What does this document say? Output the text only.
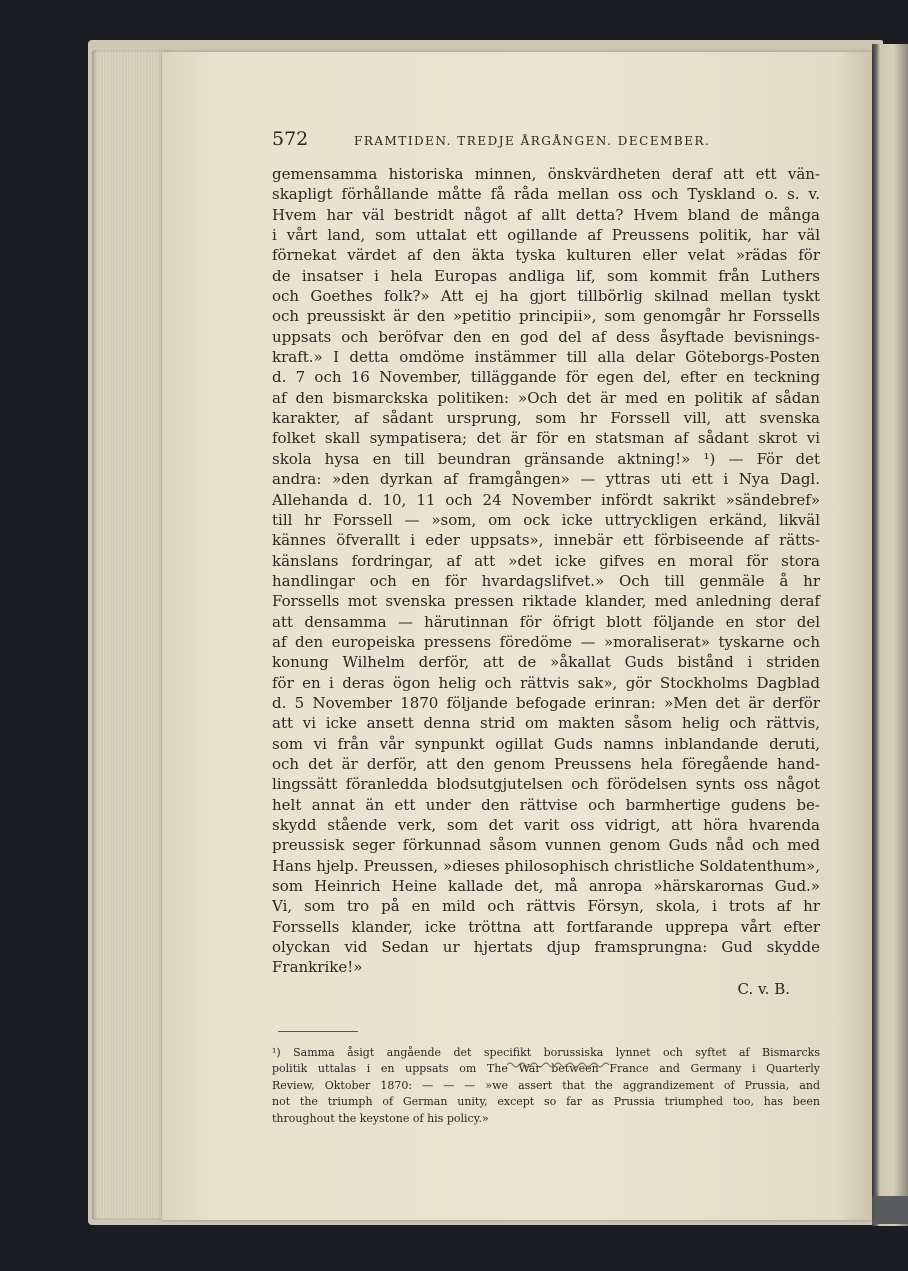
572	FRAMTIDEN. TREDJE ÅRGÅNGEN. DECEMBER.
gemensamma historiska minnen, önskvärdheten deraf att ett vän-
skapligt förhållande måtte få råda mellan oss och Tyskland o. s. v.
Hvem har väl bestridt något af allt detta? Hvem bland de många
i vårt land, som uttalat ett ogillande af Preussens politik, har väl
förnekat värdet af den äkta tyska kulturen eller velat »rädas för
de insatser i hela Europas andliga lif, som kommit från Luthers
och Goethes folk?» Att ej ha gjort tillbörlig skilnad mellan tyskt
och preussiskt är den »petitio principii», som genomgår hr Forssells
uppsats och beröfvar den en god del af dess åsyftade bevisnings-
kraft.» I detta omdöme instämmer till alla delar Göteborgs-Posten
d. 7 och 16 November, tilläggande för egen del, efter en teckning
af den bismarckska politiken: »Och det är med en politik af sådan
karakter, af sådant ursprung, som hr Forssell vill, att svenska
folket skall sympatisera; det är för en statsman af sådant skrot vi
skola hysa en till beundran gränsande aktning!» ¹) — För det
andra: »den dyrkan af framgången» — yttras uti ett i Nya Dagl.
Allehanda d. 10, 11 och 24 November infördt sakrikt »sändebref»
till hr Forssell — »som, om ock icke uttryckligen erkänd, likväl
kännes öfverallt i eder uppsats», innebär ett förbiseende af rätts-
känslans fordringar, af att »det icke gifves en moral för stora
handlingar och en för hvardagslifvet.» Och till genmäle å hr
Forssells mot svenska pressen riktade klander, med anledning deraf
att densamma — härutinnan för öfrigt blott följande en stor del
af den europeiska pressens föredöme — »moraliserat» tyskarne och
konung Wilhelm derför, att de »åkallat Guds bistånd i striden
för en i deras ögon helig och rättvis sak», gör Stockholms Dagblad
d. 5 November 1870 följande befogade erinran: »Men det är derför
att vi icke ansett denna strid om makten såsom helig och rättvis,
som vi från vår synpunkt ogillat Guds namns inblandande deruti,
och det är derför, att den genom Preussens hela föregående hand-
lingssätt föranledda blodsutgjutelsen och förödelsen synts oss något
helt annat än ett under den rättvise och barmhertige gudens be-
skydd stående verk, som det varit oss vidrigt, att höra hvarenda
preussisk seger förkunnad såsom vunnen genom Guds nåd och med
Hans hjelp. Preussen, »dieses philosophisch christliche Soldatenthum»,
som Heinrich Heine kallade det, må anropa »härskarornas Gud.»
Vi, som tro på en mild och rättvis Försyn, skola, i trots af hr
Forssells klander, icke tröttna att fortfarande upprepa vårt efter
olyckan vid Sedan ur hjertats djup framsprungna: Gud skydde
Frankrike!»
C. v. B.
¹) Samma åsigt angående det specifikt borussiska lynnet och syftet af Bismarcks
politik uttalas i en uppsats om The War between France and Germany i Quarterly
Review, Oktober 1870: — — — »we assert that the aggrandizement of Prussia, and
not the triumph of German unity, except so far as Prussia triumphed too, has been
throughout the keystone of his policy.»
